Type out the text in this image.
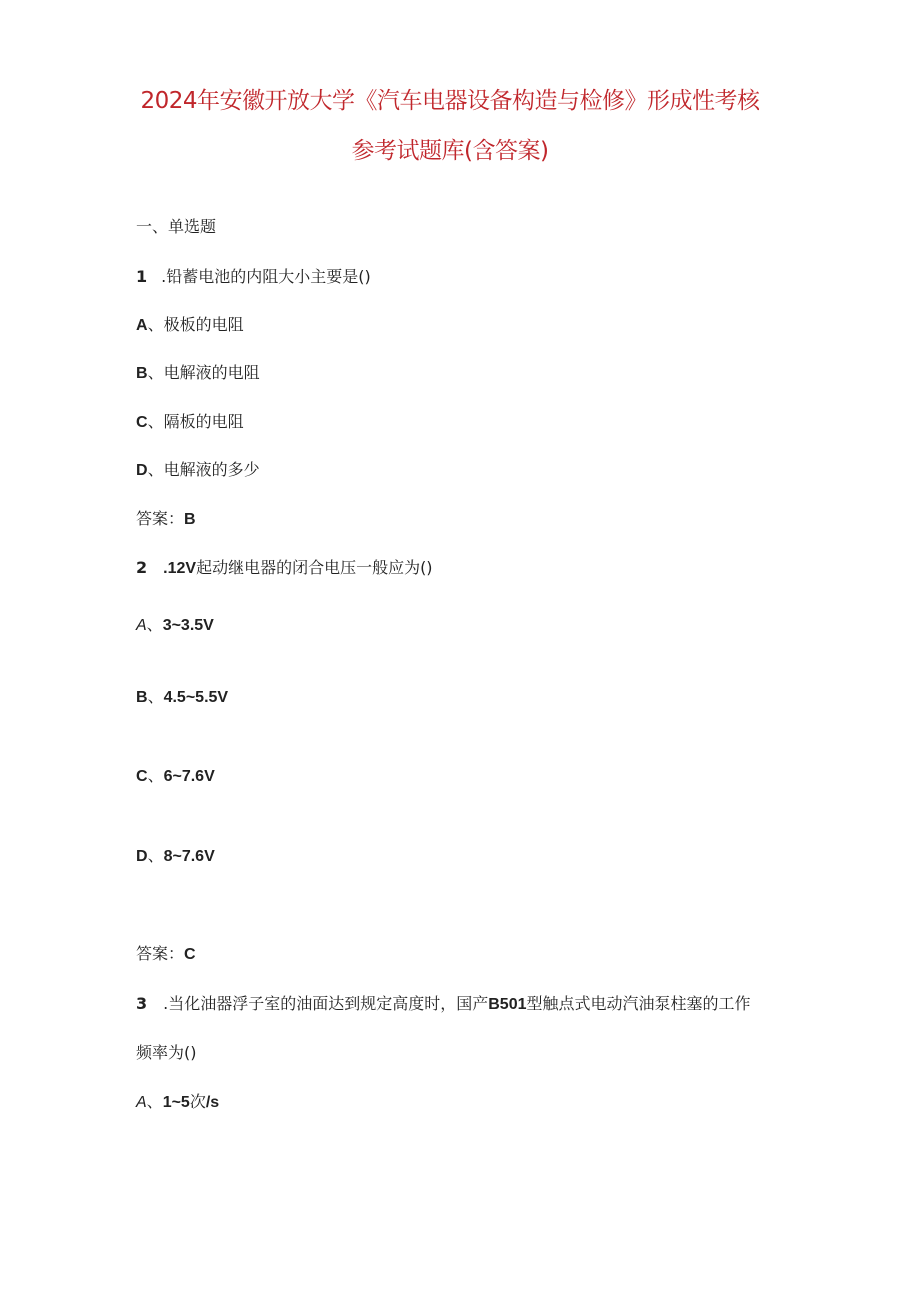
2024年安徽开放大学《汽车电器设备构造与检修》形成性考核
参考试题库(含答案)
一、单选题
1 .铅蓄电池的内阻大小主要是()
A、极板的电阻
B、电解液的电阻
C、隔板的电阻
D、电解液的多少
答案：B
2 .12V起动继电器的闭合电压一般应为()
A、3~3.5V
B、4.5~5.5V
C、6~7.6V
D、8~7.6V
答案：C
3 .当化油器浮子室的油面达到规定高度时，国产B501型触点式电动汽油泵柱塞的工作
频率为()
A、1~5次/s
